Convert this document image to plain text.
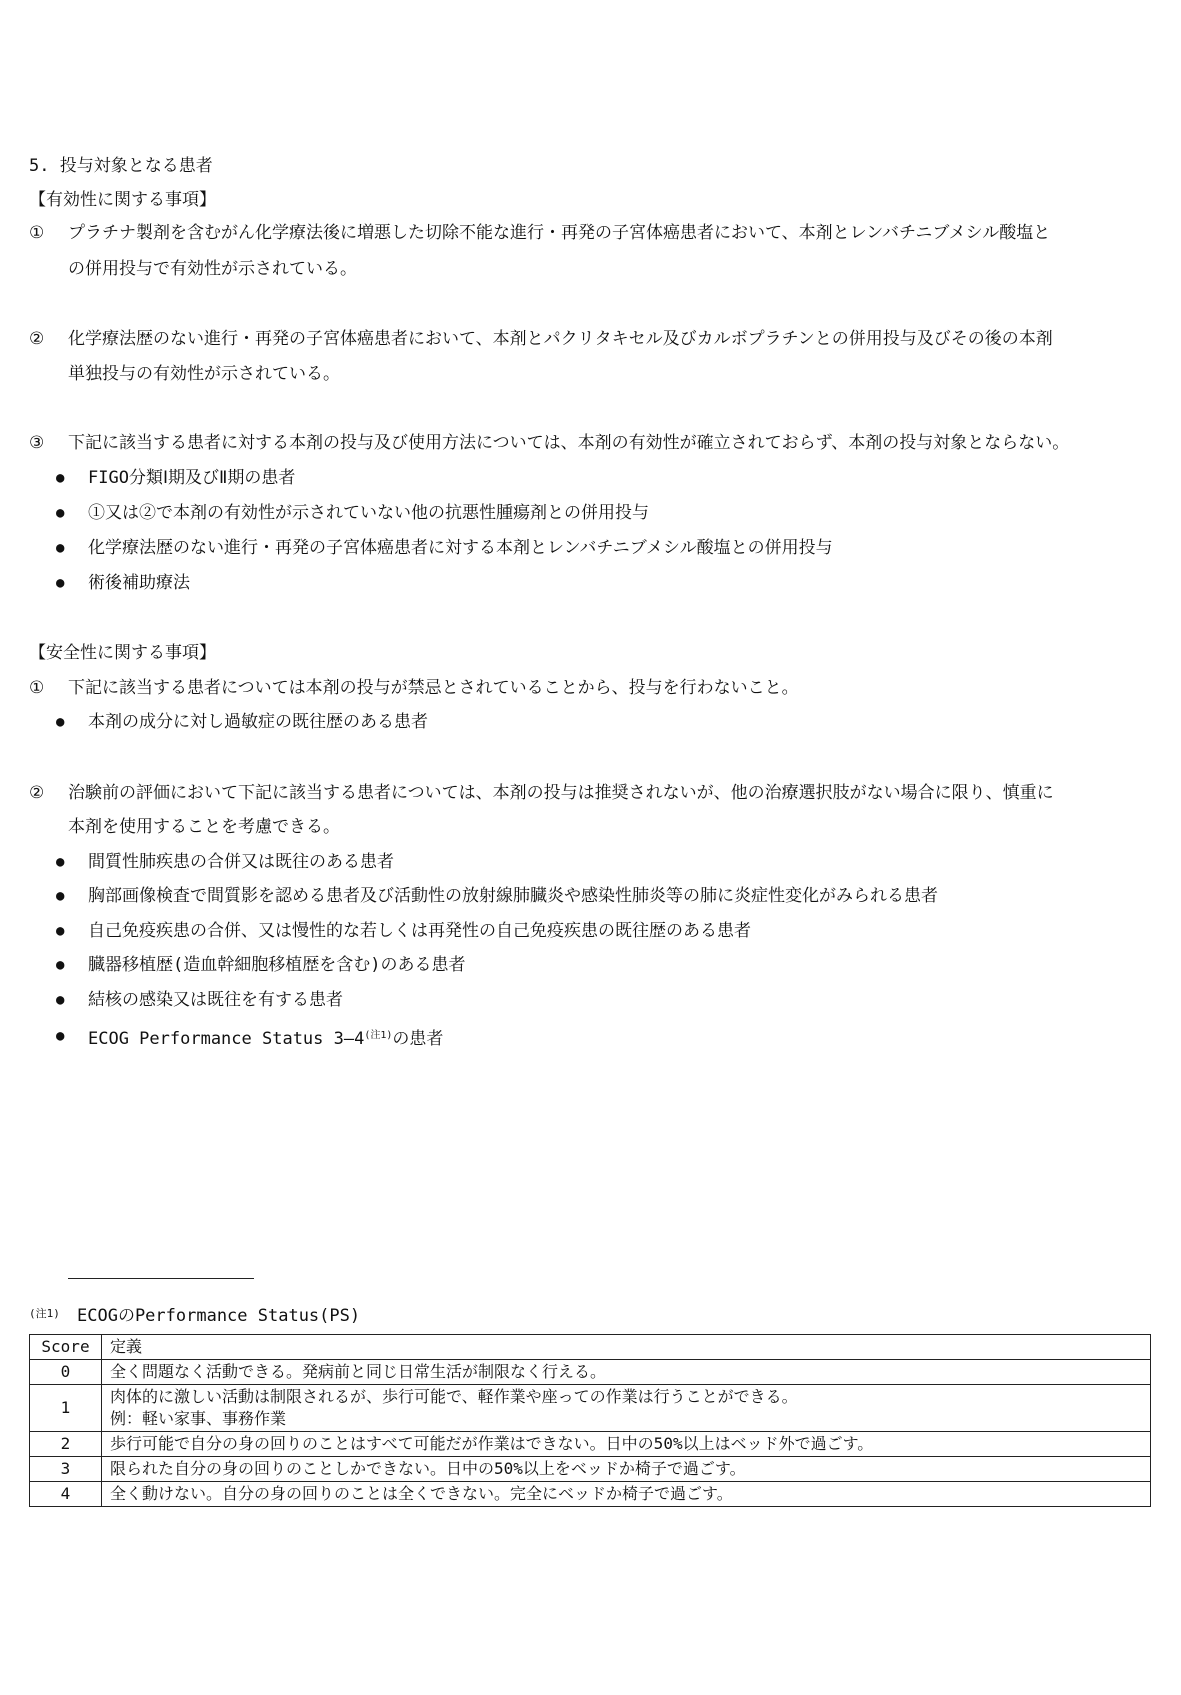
5. 投与対象となる患者
【有効性に関する事項】
① プラチナ製剤を含むがん化学療法後に増悪した切除不能な進行・再発の子宮体癌患者において、本剤とレンバチニブメシル酸塩と
の併用投与で有効性が示されている。
② 化学療法歴のない進行・再発の子宮体癌患者において、本剤とパクリタキセル及びカルボプラチンとの併用投与及びその後の本剤
単独投与の有効性が示されている。
③ 下記に該当する患者に対する本剤の投与及び使用方法については、本剤の有効性が確立されておらず、本剤の投与対象とならない。
● FIGO分類Ⅰ期及びⅡ期の患者
● ①又は②で本剤の有効性が示されていない他の抗悪性腫瘍剤との併用投与
● 化学療法歴のない進行・再発の子宮体癌患者に対する本剤とレンバチニブメシル酸塩との併用投与
● 術後補助療法
【安全性に関する事項】
① 下記に該当する患者については本剤の投与が禁忌とされていることから、投与を行わないこと。
● 本剤の成分に対し過敏症の既往歴のある患者
② 治験前の評価において下記に該当する患者については、本剤の投与は推奨されないが、他の治療選択肢がない場合に限り、慎重に
本剤を使用することを考慮できる。
● 間質性肺疾患の合併又は既往のある患者
● 胸部画像検査で間質影を認める患者及び活動性の放射線肺臓炎や感染性肺炎等の肺に炎症性変化がみられる患者
● 自己免疫疾患の合併、又は慢性的な若しくは再発性の自己免疫疾患の既往歴のある患者
● 臓器移植歴(造血幹細胞移植歴を含む)のある患者
● 結核の感染又は既往を有する患者
● ECOG Performance Status $3―4^{(注1)}$の患者
(注1) ECOGのPerformance Status(PS)
Score	定義
0	全く問題なく活動できる。発病前と同じ日常生活が制限なく行える。
1	肉体的に激しい活動は制限されるが、歩行可能で、軽作業や座っての作業は行うことができる。
例：軽い家事、事務作業

2	歩行可能で自分の身の回りのことはすべて可能だが作業はできない。日中の50%以上はベッド外で過ごす。
3	限られた自分の身の回りのことしかできない。日中の50%以上をベッドか椅子で過ごす。
4	全く動けない。自分の身の回りのことは全くできない。完全にベッドか椅子で過ごす。
